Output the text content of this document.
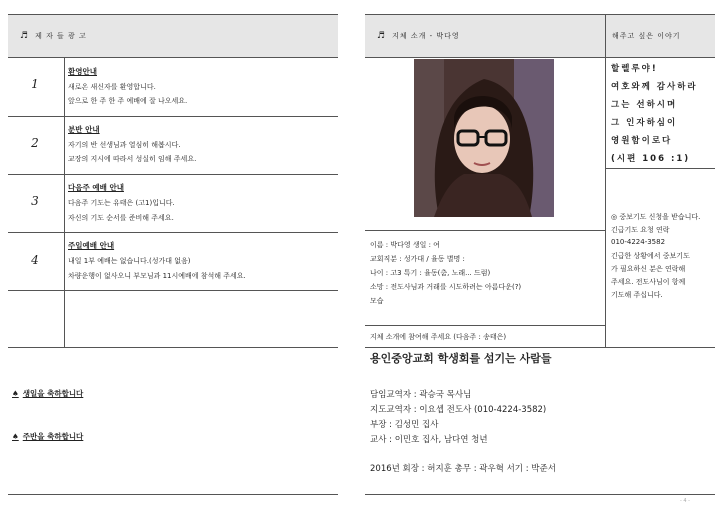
♬ 제 자 들 광 고
1
환영안내
새로온 새신자를 환영합니다.
앞으로 한 주 한 주 예배에 잘 나오세요.
2
분반 안내
자기의 반 선생님과 열심히 해봅시다.
교장의 지시에 따라서 성실히 임해 주세요.
3
다음주 예배 안내
다음주 기도는 유태은 (고1)입니다.
자신의 기도 순서를 준비해 주세요.
4
주일예배 안내
내일 1부 예배는 없습니다.(성가대 없음)
차량운행이 없사오니 부모님과 11시예배에 참석해 주세요.
♠ 생일을 축하합니다
♠ 주반을 축하합니다
♬ 지체 소개 - 박다영	해주고 싶은 이야기
이름 : 박다영 생일 : 여
교회직분 : 성가대 / 율동 별명 :
나이 : 고3 특기 : 율동(춤, 노래... 드럼)
소망 : 전도사님과 거래를 시도하려는 아름다운(?)
모습
지체 소개에 참여해 주세요 (다음주 : 송태은)
할렐루야!
여호와께 감사하라
그는 선하시며
그 인자하심이
영원함이로다
(시편 106 :1)
◎ 중보기도 신청을 받습니다.
긴급기도 요청 연락
010-4224-3582
긴급한 상황에서 중보기도
가 필요하신 분은 연락해
주세요. 전도사님이 항께
기도해 주십니다.
용인중앙교회 학생회를 섬기는 사람들
담임교역자 : 곽승국 목사님
지도교역자 : 이요셉 전도사 (010-4224-3582)
부장 : 김성민 집사
교사 : 이민호 집사, 남다연 청년
2016년 회장 : 허지훈 총무 : 곽우혁 서기 : 박준서
- 4 -
